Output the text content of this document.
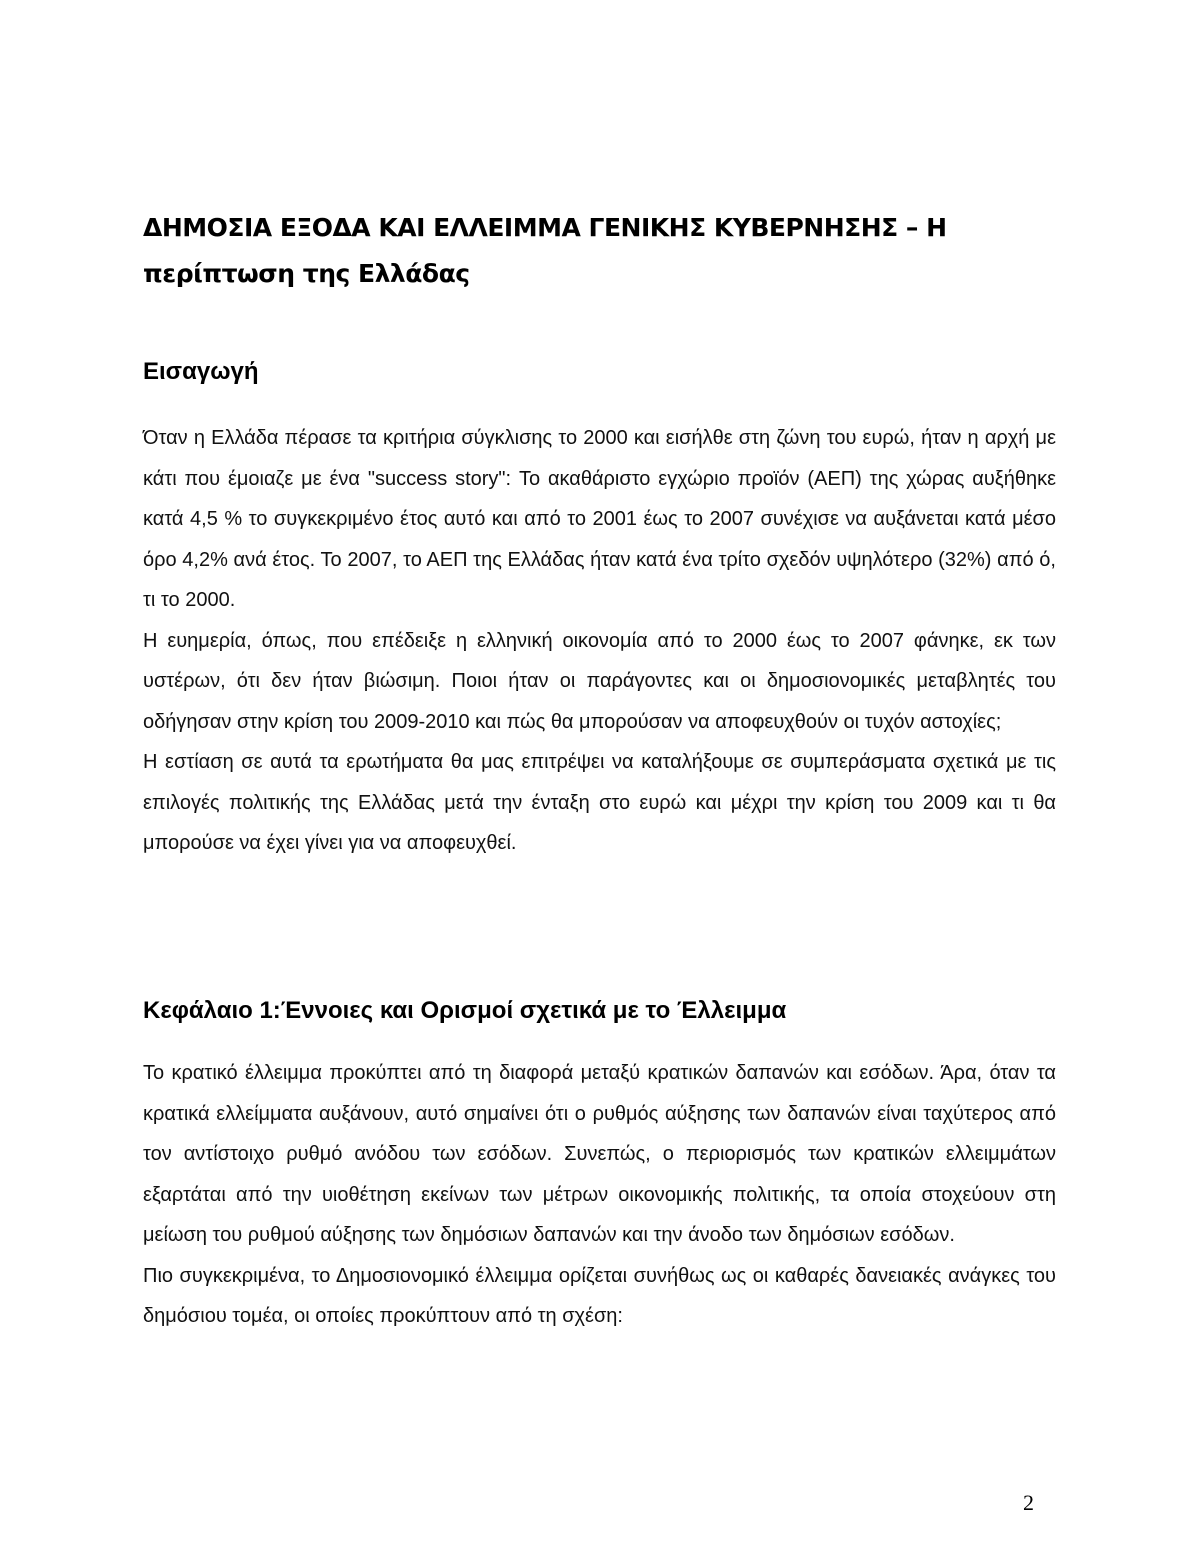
ΔΗΜΟΣΙΑ ΕΞΟΔΑ ΚΑΙ ΕΛΛΕΙΜΜΑ ΓΕΝΙΚΗΣ ΚΥΒΕΡΝΗΣΗΣ – Η περίπτωση της Ελλάδας
Εισαγωγή

Όταν η Ελλάδα πέρασε τα κριτήρια σύγκλισης το 2000 και εισήλθε στη ζώνη του ευρώ, ήταν η αρχή με κάτι που έμοιαζε με ένα "success story": Το ακαθάριστο εγχώριο προϊόν (ΑΕΠ) της χώρας αυξήθηκε κατά 4,5 % το συγκεκριμένο έτος αυτό και από το 2001 έως το 2007 συνέχισε να αυξάνεται κατά μέσο όρο 4,2% ανά έτος. Το 2007, το ΑΕΠ της Ελλάδας ήταν κατά ένα τρίτο σχεδόν υψηλότερο (32%) από ό, τι το 2000.

Η ευημερία, όπως, που επέδειξε η ελληνική οικονομία από το 2000 έως το 2007 φάνηκε, εκ των υστέρων, ότι δεν ήταν βιώσιμη. Ποιοι ήταν οι παράγοντες και οι δημοσιονομικές μεταβλητές του οδήγησαν στην κρίση του 2009-2010 και πώς θα μπορούσαν να αποφευχθούν οι τυχόν αστοχίες;

Η εστίαση σε αυτά τα ερωτήματα θα μας επιτρέψει να καταλήξουμε σε συμπεράσματα σχετικά με τις επιλογές πολιτικής της Ελλάδας μετά την ένταξη στο ευρώ και μέχρι την κρίση του 2009 και τι θα μπορούσε να έχει γίνει για να αποφευχθεί.

Κεφάλαιο 1:Έννοιες και Ορισμοί σχετικά με το Έλλειμμα

Το κρατικό έλλειμμα προκύπτει από τη διαφορά μεταξύ κρατικών δαπανών και εσόδων. Άρα, όταν τα κρατικά ελλείμματα αυξάνουν, αυτό σημαίνει ότι ο ρυθμός αύξησης των δαπανών είναι ταχύτερος από τον αντίστοιχο ρυθμό ανόδου των εσόδων. Συνεπώς, ο περιορισμός των κρατικών ελλειμμάτων εξαρτάται από την υιοθέτηση εκείνων των μέτρων οικονομικής πολιτικής, τα οποία στοχεύουν στη μείωση του ρυθμού αύξησης των δημόσιων δαπανών και την άνοδο των δημόσιων εσόδων.

Πιο συγκεκριμένα, το Δημοσιονομικό έλλειμμα ορίζεται συνήθως ως οι καθαρές δανειακές ανάγκες του δημόσιου τομέα, οι οποίες προκύπτουν από τη σχέση:

2
